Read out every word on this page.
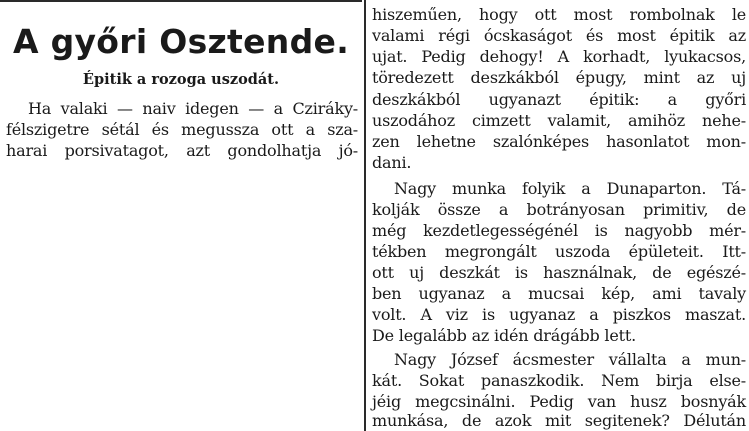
A győri Osztende.
Épitik a rozoga uszodát.
Ha valaki — naiv idegen — a Cziráky-
félszigetre sétál és megussza ott a sza-
harai porsivatagot, azt gondolhatja jó-
hiszeműen, hogy ott most rombolnak le
valami régi ócskaságot és most épitik az
ujat. Pedig dehogy! A korhadt, lyukacsos,
töredezett deszkákból épugy, mint az uj
deszkákból ugyanazt épitik: a győri
uszodához cimzett valamit, amihöz nehe-
zen lehetne szalónképes hasonlatot mon-
dani.
Nagy munka folyik a Dunaparton. Tá-
kolják össze a botrányosan primitiv, de
még kezdetlegességénél is nagyobb mér-
tékben megrongált uszoda épületeit. Itt-
ott uj deszkát is használnak, de egészé-
ben ugyanaz a mucsai kép, ami tavaly
volt. A viz is ugyanaz a piszkos maszat.
De legalább az idén drágább lett.
Nagy József ácsmester vállalta a mun-
kát. Sokat panaszkodik. Nem birja else-
jéig megcsinálni. Pedig van husz bosnyák
munkása, de azok mit segitenek? Délután
